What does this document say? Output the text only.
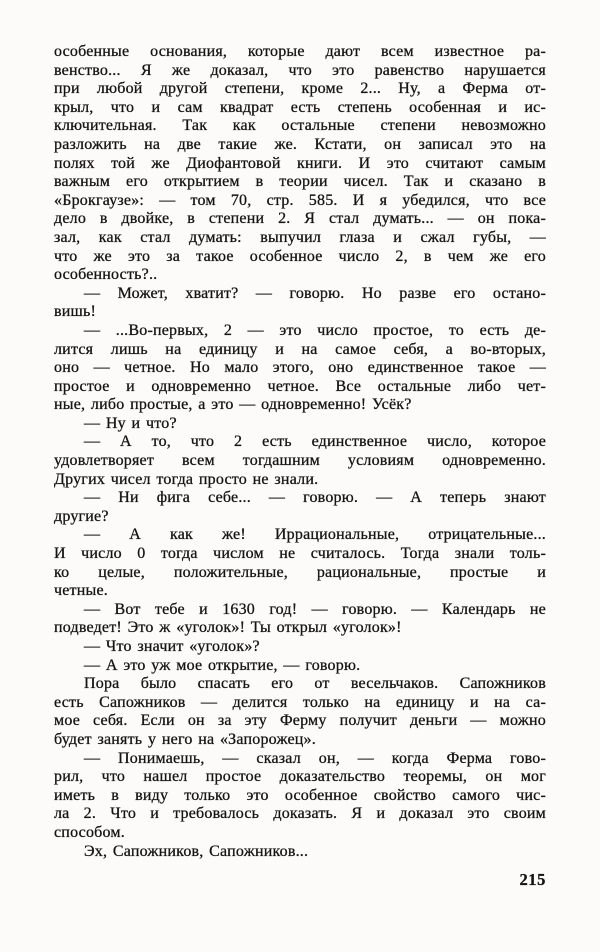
особенные основания, которые дают всем известное ра-
венство... Я же доказал, что это равенство нарушается
при любой другой степени, кроме 2... Ну, а Ферма от-
крыл, что и сам квадрат есть степень особенная и ис-
ключительная. Так как остальные степени невозможно
разложить на две такие же. Кстати, он записал это на
полях той же Диофантовой книги. И это считают самым
важным его открытием в теории чисел. Так и сказано в
«Брокгаузе»: — том 70, стр. 585. И я убедился, что все
дело в двойке, в степени 2. Я стал думать... — он пока-
зал, как стал думать: выпучил глаза и сжал губы, —
что же это за такое особенное число 2, в чем же его
особенность?..
— Может, хватит? — говорю. Но разве его остано-
вишь!
— ...Во-первых, 2 — это число простое, то есть де-
лится лишь на единицу и на самое себя, а во-вторых,
оно — четное. Но мало этого, оно единственное такое —
простое и одновременно четное. Все остальные либо чет-
ные, либо простые, а это — одновременно! Усёк?
— Ну и что?
— А то, что 2 есть единственное число, которое
удовлетворяет всем тогдашним условиям одновременно.
Других чисел тогда просто не знали.
— Ни фига себе... — говорю. — А теперь знают
другие?
— А как же! Иррациональные, отрицательные...
И число 0 тогда числом не считалось. Тогда знали толь-
ко целые, положительные, рациональные, простые и
четные.
— Вот тебе и 1630 год! — говорю. — Календарь не
подведет! Это ж «уголок»! Ты открыл «уголок»!
— Что значит «уголок»?
— А это уж мое открытие, — говорю.
Пора было спасать его от весельчаков. Сапожников
есть Сапожников — делится только на единицу и на са-
мое себя. Если он за эту Ферму получит деньги — можно
будет занять у него на «Запорожец».
— Понимаешь, — сказал он, — когда Ферма гово-
рил, что нашел простое доказательство теоремы, он мог
иметь в виду только это особенное свойство самого чис-
ла 2. Что и требовалось доказать. Я и доказал это своим
способом.
Эх, Сапожников, Сапожников...
215
